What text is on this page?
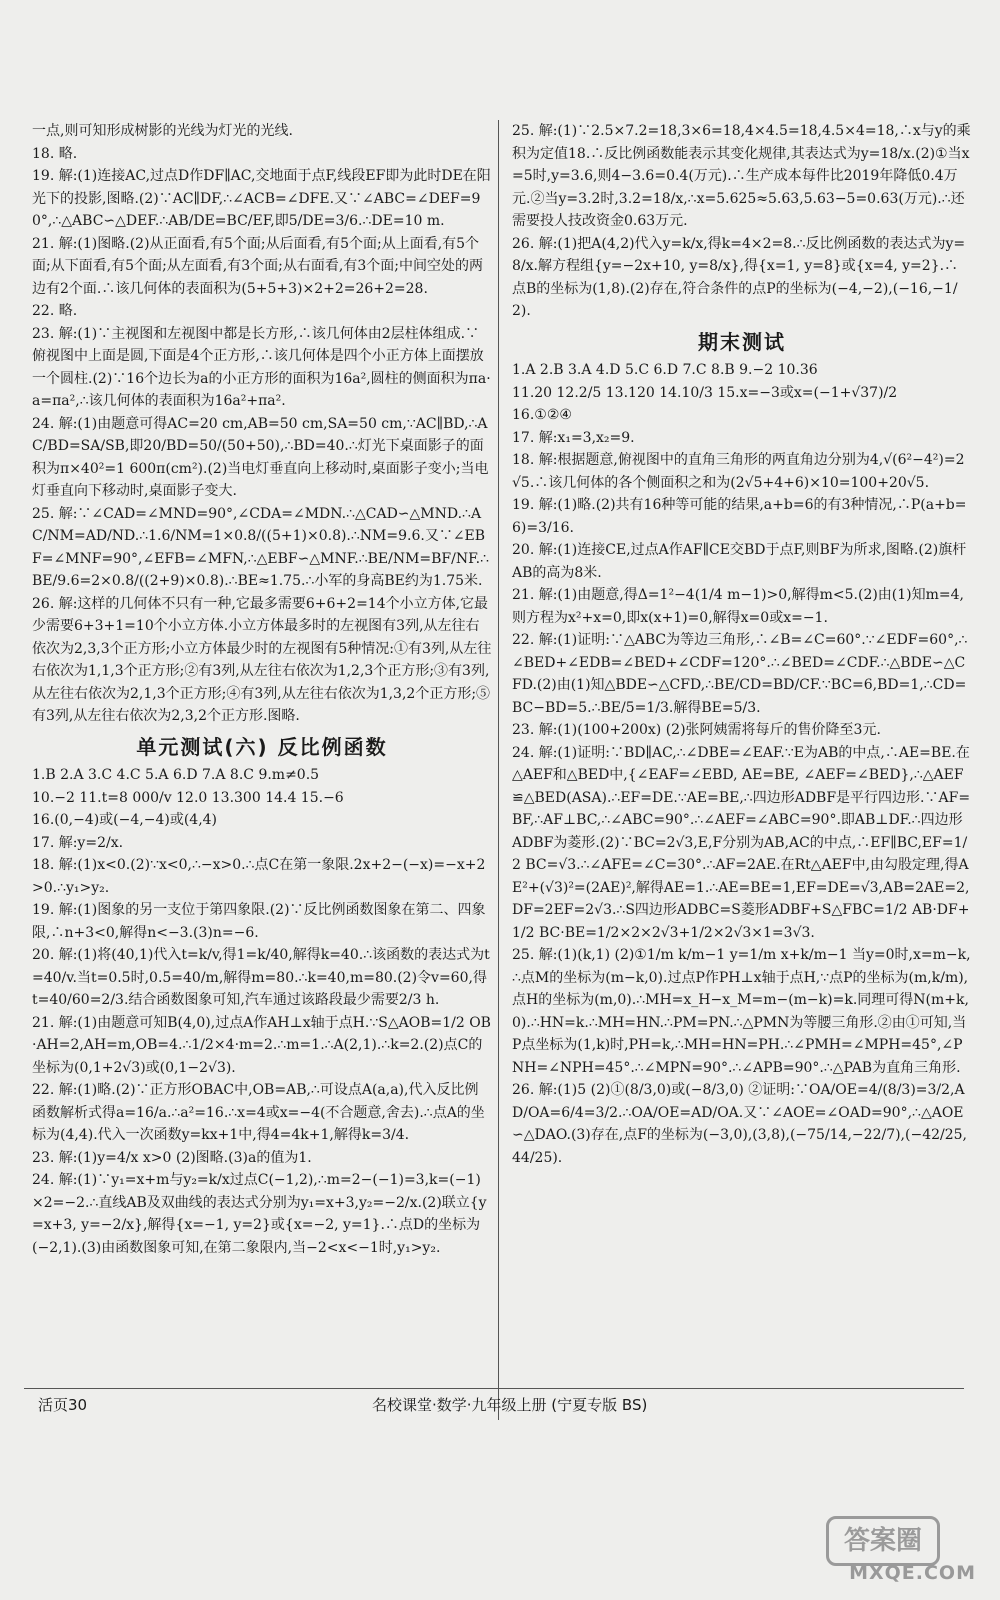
一点,则可知形成树影的光线为灯光的光线.

18. 略.

19. 解:(1)连接AC,过点D作DF∥AC,交地面于点F,线段EF即为此时DE在阳光下的投影,图略.(2)∵AC∥DF,∴∠ACB=∠DFE.又∵∠ABC=∠DEF=90°,∴△ABC∽△DEF.∴AB/DE=BC/EF,即5/DE=3/6.∴DE=10 m.

21. 解:(1)图略.(2)从正面看,有5个面;从后面看,有5个面;从上面看,有5个面;从下面看,有5个面;从左面看,有3个面;从右面看,有3个面;中间空处的两边有2个面.∴该几何体的表面积为(5+5+3)×2+2=26+2=28.

22. 略.

23. 解:(1)∵主视图和左视图中都是长方形,∴该几何体由2层柱体组成.∵俯视图中上面是圆,下面是4个正方形,∴该几何体是四个小正方体上面摆放一个圆柱.(2)∵16个边长为a的小正方形的面积为16a²,圆柱的侧面积为πa·a=πa²,∴该几何体的表面积为16a²+πa².

24. 解:(1)由题意可得AC=20 cm,AB=50 cm,SA=50 cm,∵AC∥BD,∴AC/BD=SA/SB,即20/BD=50/(50+50),∴BD=40.∴灯光下桌面影子的面积为π×40²=1 600π(cm²).(2)当电灯垂直向上移动时,桌面影子变小;当电灯垂直向下移动时,桌面影子变大.

25. 解:∵∠CAD=∠MND=90°,∠CDA=∠MDN.∴△CAD∽△MND.∴AC/NM=AD/ND.∴1.6/NM=1×0.8/((5+1)×0.8).∴NM=9.6.又∵∠EBF=∠MNF=90°,∠EFB=∠MFN,∴△EBF∽△MNF.∴BE/NM=BF/NF.∴BE/9.6=2×0.8/((2+9)×0.8).∴BE≈1.75.∴小军的身高BE约为1.75米.

26. 解:这样的几何体不只有一种,它最多需要6+6+2=14个小立方体,它最少需要6+3+1=10个小立方体.小立方体最多时的左视图有3列,从左往右依次为2,3,3个正方形;小立方体最少时的左视图有5种情况:①有3列,从左往右依次为1,1,3个正方形;②有3列,从左往右依次为1,2,3个正方形;③有3列,从左往右依次为2,1,3个正方形;④有3列,从左往右依次为1,3,2个正方形;⑤有3列,从左往右依次为2,3,2个正方形.图略.

单元测试(六) 反比例函数

1.B 2.A 3.C 4.C 5.A 6.D 7.A 8.C 9.m≠0.5

10.−2 11.t=8 000/v 12.0 13.300 14.4 15.−6

16.(0,−4)或(−4,−4)或(4,4)

17. 解:y=2/x.

18. 解:(1)x<0.(2)∵x<0,∴−x>0.∴点C在第一象限.2x+2−(−x)=−x+2>0.∴y₁>y₂.

19. 解:(1)图象的另一支位于第四象限.(2)∵反比例函数图象在第二、四象限,∴n+3<0,解得n<−3.(3)n=−6.

20. 解:(1)将(40,1)代入t=k/v,得1=k/40,解得k=40.∴该函数的表达式为t=40/v.当t=0.5时,0.5=40/m,解得m=80.∴k=40,m=80.(2)令v=60,得t=40/60=2/3.结合函数图象可知,汽车通过该路段最少需要2/3 h.

21. 解:(1)由题意可知B(4,0),过点A作AH⊥x轴于点H.∵S△AOB=1/2 OB·AH=2,AH=m,OB=4.∴1/2×4·m=2.∴m=1.∴A(2,1).∴k=2.(2)点C的坐标为(0,1+2√3)或(0,1−2√3).

22. 解:(1)略.(2)∵正方形OBAC中,OB=AB,∴可设点A(a,a),代入反比例函数解析式得a=16/a.∴a²=16.∴x=4或x=−4(不合题意,舍去).∴点A的坐标为(4,4).代入一次函数y=kx+1中,得4=4k+1,解得k=3/4.

23. 解:(1)y=4/x x>0 (2)图略.(3)a的值为1.

24. 解:(1)∵y₁=x+m与y₂=k/x过点C(−1,2),∴m=2−(−1)=3,k=(−1)×2=−2.∴直线AB及双曲线的表达式分别为y₁=x+3,y₂=−2/x.(2)联立{y=x+3, y=−2/x},解得{x=−1, y=2}或{x=−2, y=1}.∴点D的坐标为(−2,1).(3)由函数图象可知,在第二象限内,当−2<x<−1时,y₁>y₂.

25. 解:(1)∵2.5×7.2=18,3×6=18,4×4.5=18,4.5×4=18,∴x与y的乘积为定值18.∴反比例函数能表示其变化规律,其表达式为y=18/x.(2)①当x=5时,y=3.6,则4−3.6=0.4(万元).∴生产成本每件比2019年降低0.4万元.②当y=3.2时,3.2=18/x,∴x=5.625≈5.63,5.63−5=0.63(万元).∴还需要投人技改资金0.63万元.

26. 解:(1)把A(4,2)代入y=k/x,得k=4×2=8.∴反比例函数的表达式为y=8/x.解方程组{y=−2x+10, y=8/x},得{x=1, y=8}或{x=4, y=2}.∴点B的坐标为(1,8).(2)存在,符合条件的点P的坐标为(−4,−2),(−16,−1/2).

期末测试

1.A 2.B 3.A 4.D 5.C 6.D 7.C 8.B 9.−2 10.36

11.20 12.2/5 13.120 14.10/3 15.x=−3或x=(−1+√37)/2

16.①②④

17. 解:x₁=3,x₂=9.

18. 解:根据题意,俯视图中的直角三角形的两直角边分别为4,√(6²−4²)=2√5.∴该几何体的各个侧面积之和为(2√5+4+6)×10=100+20√5.

19. 解:(1)略.(2)共有16种等可能的结果,a+b=6的有3种情况,∴P(a+b=6)=3/16.

20. 解:(1)连接CE,过点A作AF∥CE交BD于点F,则BF为所求,图略.(2)旗杆AB的高为8米.

21. 解:(1)由题意,得Δ=1²−4(1/4 m−1)>0,解得m<5.(2)由(1)知m=4,则方程为x²+x=0,即x(x+1)=0,解得x=0或x=−1.

22. 解:(1)证明:∵△ABC为等边三角形,∴∠B=∠C=60°.∵∠EDF=60°,∴∠BED+∠EDB=∠BED+∠CDF=120°.∴∠BED=∠CDF.∴△BDE∽△CFD.(2)由(1)知△BDE∽△CFD,∴BE/CD=BD/CF.∵BC=6,BD=1,∴CD=BC−BD=5.∴BE/5=1/3.解得BE=5/3.

23. 解:(1)(100+200x) (2)张阿姨需将每斤的售价降至3元.

24. 解:(1)证明:∵BD∥AC,∴∠DBE=∠EAF.∵E为AB的中点,∴AE=BE.在△AEF和△BED中,{∠EAF=∠EBD, AE=BE, ∠AEF=∠BED},∴△AEF≌△BED(ASA).∴EF=DE.∵AE=BE,∴四边形ADBF是平行四边形.∵AF=BF,∴AF⊥BC,∴∠ABC=90°.∴∠AEF=∠ABC=90°.即AB⊥DF.∴四边形ADBF为菱形.(2)∵BC=2√3,E,F分别为AB,AC的中点,∴EF∥BC,EF=1/2 BC=√3.∴∠AFE=∠C=30°.∴AF=2AE.在Rt△AEF中,由勾股定理,得AE²+(√3)²=(2AE)²,解得AE=1.∴AE=BE=1,EF=DE=√3,AB=2AE=2,DF=2EF=2√3.∴S四边形ADBC=S菱形ADBF+S△FBC=1/2 AB·DF+1/2 BC·BE=1/2×2×2√3+1/2×2√3×1=3√3.

25. 解:(1)(k,1) (2)①1/m k/m−1 y=1/m x+k/m−1 当y=0时,x=m−k,∴点M的坐标为(m−k,0).过点P作PH⊥x轴于点H,∵点P的坐标为(m,k/m),点H的坐标为(m,0).∴MH=x_H−x_M=m−(m−k)=k.同理可得N(m+k,0).∴HN=k.∴MH=HN.∴PM=PN.∴△PMN为等腰三角形.②由①可知,当P点坐标为(1,k)时,PH=k,∴MH=HN=PH.∴∠PMH=∠MPH=45°,∠PNH=∠NPH=45°.∴∠MPN=90°.∴∠APB=90°.∴△PAB为直角三角形.

26. 解:(1)5 (2)①(8/3,0)或(−8/3,0) ②证明:∵OA/OE=4/(8/3)=3/2,AD/OA=6/4=3/2.∴OA/OE=AD/OA.又∵∠AOE=∠OAD=90°,∴△AOE∽△DAO.(3)存在,点F的坐标为(−3,0),(3,8),(−75/14,−22/7),(−42/25,44/25).

活页30	名校课堂·数学·九年级上册 (宁夏专版 BS)
答案圈
MXQE.COM
